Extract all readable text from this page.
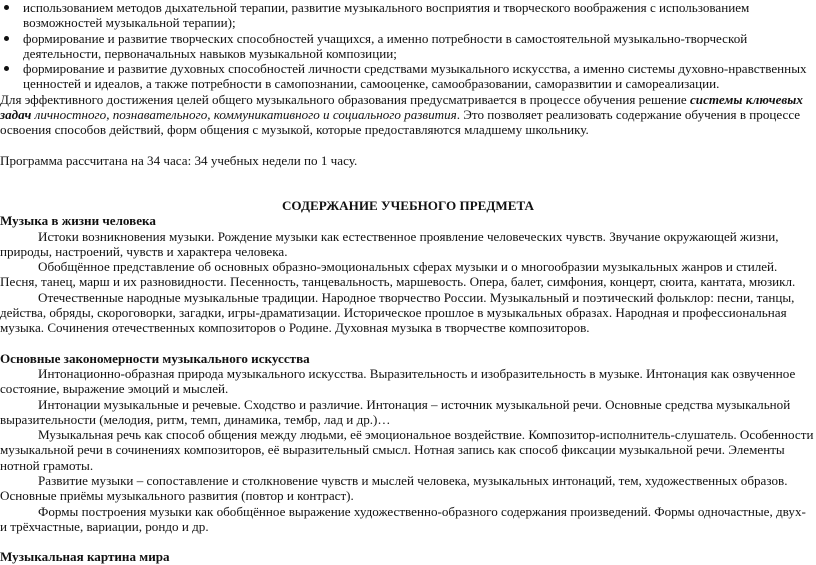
использованием методов дыхательной терапии, развитие музыкального восприятия и творческого воображения с использованием возможностей музыкальной терапии);
формирование и развитие творческих способностей учащихся, а именно потребности в самостоятельной музыкально-творческой деятельности, первоначальных навыков музыкальной композиции;
формирование и развитие духовных способностей личности средствами музыкального искусства, а именно системы духовно-нравственных ценностей и идеалов, а также потребности в самопознании, самооценке, самообразовании, саморазвитии и самореализации.

Для эффективного достижения целей общего музыкального образования предусматривается в процессе обучения решение системы ключевых задач личностного, познавательного, коммуникативного и социального развития. Это позволяет реализовать содержание обучения в процессе освоения способов действий, форм общения с музыкой, которые предоставляются младшему школьнику.

Программа рассчитана на 34 часа: 34 учебных недели по 1 часу.

СОДЕРЖАНИЕ УЧЕБНОГО ПРЕДМЕТА

Музыка в жизни человека

Истоки возникновения музыки. Рождение музыки как естественное проявление человеческих чувств. Звучание окружающей жизни, природы, настроений, чувств и характера человека.

Обобщённое представление об основных образно-эмоциональных сферах музыки и о многообразии музыкальных жанров и стилей. Песня, танец, марш и их разновидности. Песенность, танцевальность, маршевость. Опера, балет, симфония, концерт, сюита, кантата, мюзикл.

Отечественные народные музыкальные традиции. Народное творчество России. Музыкальный и поэтический фольклор: песни, танцы, действа, обряды, скороговорки, загадки, игры-драматизации. Историческое прошлое в музыкальных образах. Народная и профессиональная музыка. Сочинения отечественных композиторов о Родине. Духовная музыка в творчестве композиторов.

Основные закономерности музыкального искусства

Интонационно-образная природа музыкального искусства. Выразительность и изобразительность в музыке. Интонация как озвученное состояние, выражение эмоций и мыслей.

Интонации музыкальные и речевые. Сходство и различие. Интонация – источник музыкальной речи. Основные средства музыкальной выразительности (мелодия, ритм, темп, динамика, тембр, лад и др.)…

Музыкальная речь как способ общения между людьми, её эмоциональное воздействие. Композитор-исполнитель-слушатель. Особенности музыкальной речи в сочинениях композиторов, её выразительный смысл. Нотная запись как способ фиксации музыкальной речи. Элементы нотной грамоты.

Развитие музыки – сопоставление и столкновение чувств и мыслей человека, музыкальных интонаций, тем, художественных образов. Основные приёмы музыкального развития (повтор и контраст).

Формы построения музыки как обобщённое выражение художественно-образного содержания произведений. Формы одночастные, двух- и трёхчастные, вариации, рондо и др.

Музыкальная картина мира
